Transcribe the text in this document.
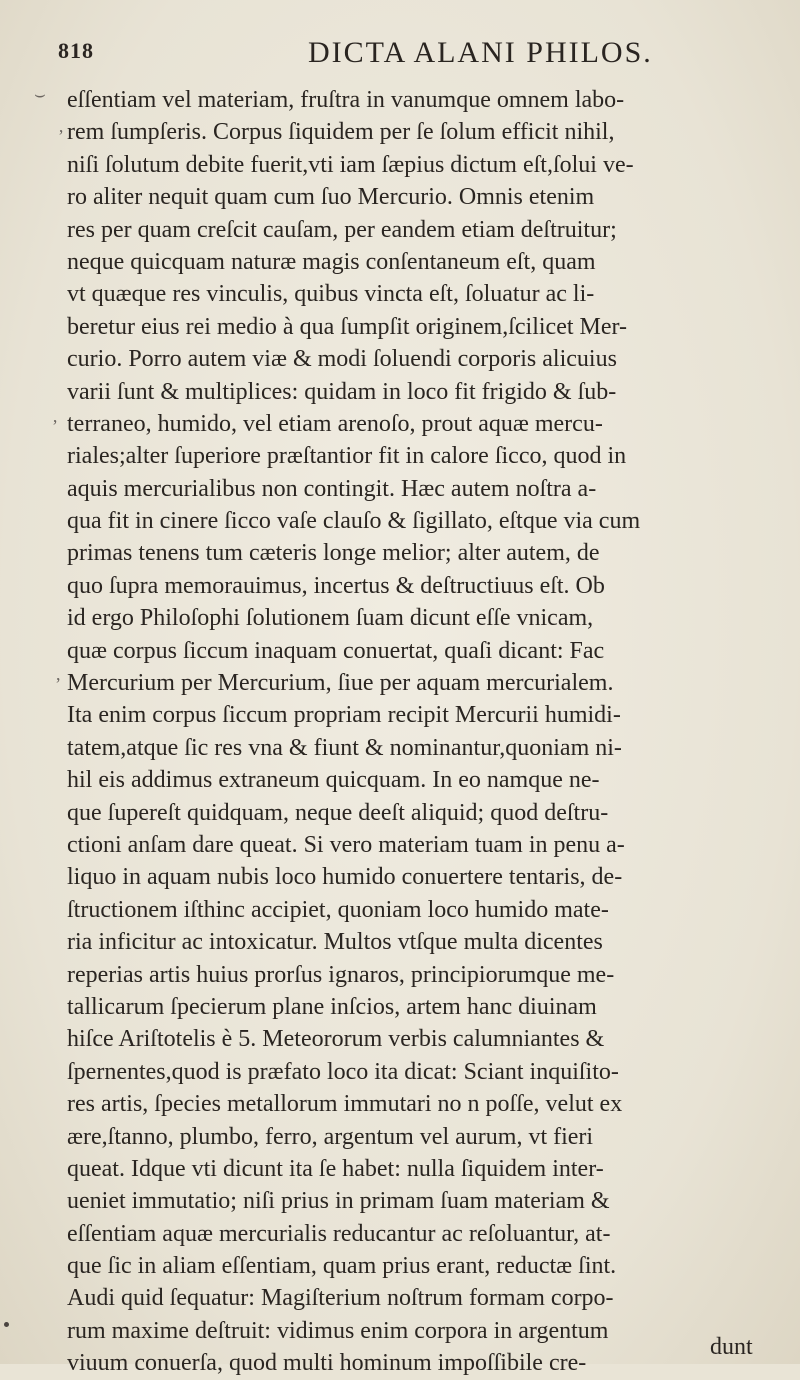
818	DICTA ALANI PHILOS.
eſſentiam vel materiam, fruſtra in vanumque omnem labo-
rem ſumpſeris. Corpus ſiquidem per ſe ſolum efficit nihil,
niſi ſolutum debite fuerit,vti iam ſæpius dictum eſt,ſolui ve-
ro aliter nequit quam cum ſuo Mercurio. Omnis etenim
res per quam creſcit cauſam, per eandem etiam deſtruitur;
neque quicquam naturæ magis conſentaneum eſt, quam
vt quæque res vinculis, quibus vincta eſt, ſoluatur ac li-
beretur eius rei medio à qua ſumpſit originem,ſcilicet Mer-
curio. Porro autem viæ & modi ſoluendi corporis alicuius
varii ſunt & multiplices: quidam in loco fit frigido & ſub-
terraneo, humido, vel etiam arenoſo, prout aquæ mercu-
riales;alter ſuperiore præſtantior fit in calore ſicco, quod in
aquis mercurialibus non contingit. Hæc autem noſtra a-
qua fit in cinere ſicco vaſe clauſo & ſigillato, eſtque via cum
primas tenens tum cæteris longe melior; alter autem, de
quo ſupra memorauimus, incertus & deſtructiuus eſt. Ob
id ergo Philoſophi ſolutionem ſuam dicunt eſſe vnicam,
quæ corpus ſiccum inaquam conuertat, quaſi dicant: Fac
Mercurium per Mercurium, ſiue per aquam mercurialem.
Ita enim corpus ſiccum propriam recipit Mercurii humidi-
tatem,atque ſic res vna & fiunt & nominantur,quoniam ni-
hil eis addimus extraneum quicquam. In eo namque ne-
que ſupereſt quidquam, neque deeſt aliquid; quod deſtru-
ctioni anſam dare queat. Si vero materiam tuam in penu a-
liquo in aquam nubis loco humido conuertere tentaris, de-
ſtructionem iſthinc accipiet, quoniam loco humido mate-
ria inficitur ac intoxicatur. Multos vtſque multa dicentes
reperias artis huius prorſus ignaros, principiorumque me-
tallicarum ſpecierum plane inſcios, artem hanc diuinam
hiſce Ariſtotelis è 5. Meteororum verbis calumniantes &
ſpernentes,quod is præfato loco ita dicat: Sciant inquiſito-
res artis, ſpecies metallorum immutari no n poſſe, velut ex
ære,ſtanno, plumbo, ferro, argentum vel aurum, vt fieri
queat. Idque vti dicunt ita ſe habet: nulla ſiquidem inter-
ueniet immutatio; niſi prius in primam ſuam materiam &
eſſentiam aquæ mercurialis reducantur ac reſoluantur, at-
que ſic in aliam eſſentiam, quam prius erant, reductæ ſint.
Audi quid ſequatur: Magiſterium noſtrum formam corpo-
rum maxime deſtruit: vidimus enim corpora in argentum
viuum conuerſa, quod multi hominum impoſſibile cre-
dunt
⌣
‚
‚
,
